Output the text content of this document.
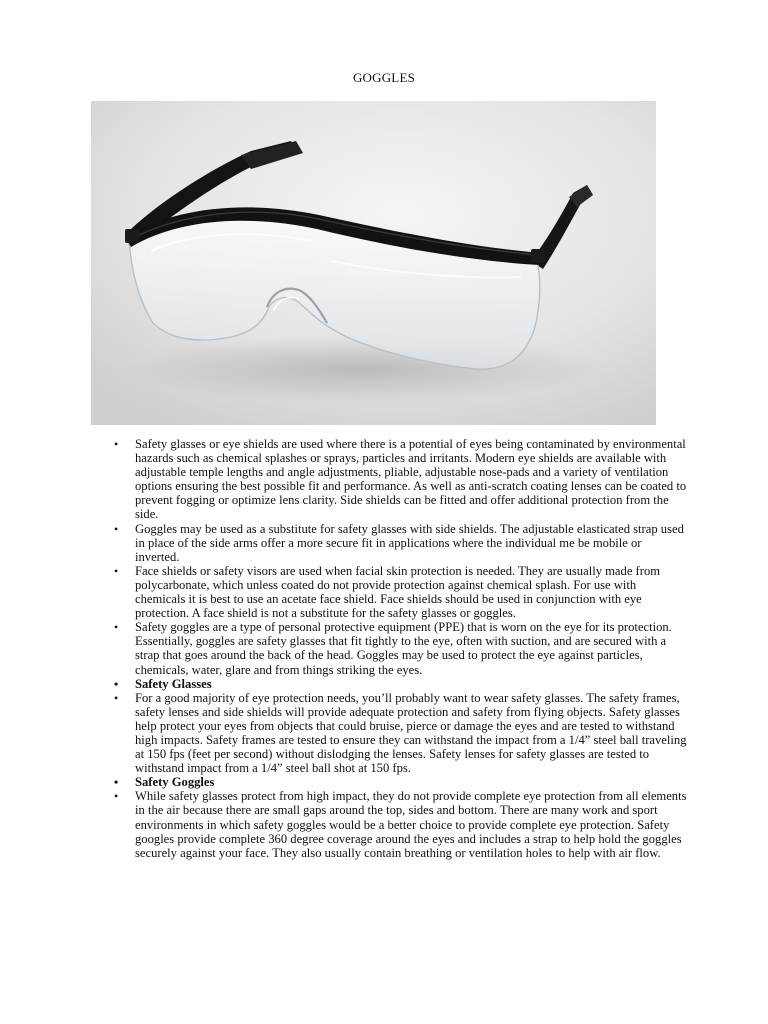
GOGGLES
• Safety glasses or eye shields are used where there is a potential of eyes being contaminated by environmental hazards such as chemical splashes or sprays, particles and irritants. Modern eye shields are available with adjustable temple lengths and angle adjustments, pliable, adjustable nose-pads and a variety of ventilation options ensuring the best possible fit and performance. As well as anti-scratch coating lenses can be coated to prevent fogging or optimize lens clarity. Side shields can be fitted and offer additional protection from the side.
• Goggles may be used as a substitute for safety glasses with side shields. The adjustable elasticated strap used in place of the side arms offer a more secure fit in applications where the individual me be mobile or inverted.
• Face shields or safety visors are used when facial skin protection is needed. They are usually made from polycarbonate, which unless coated do not provide protection against chemical splash. For use with chemicals it is best to use an acetate face shield. Face shields should be used in conjunction with eye protection. A face shield is not a substitute for the safety glasses or goggles.
• Safety goggles are a type of personal protective equipment (PPE) that is worn on the eye for its protection. Essentially, goggles are safety glasses that fit tightly to the eye, often with suction, and are secured with a strap that goes around the back of the head. Goggles may be used to protect the eye against particles, chemicals, water, glare and from things striking the eyes.
• Safety Glasses
• For a good majority of eye protection needs, you’ll probably want to wear safety glasses. The safety frames, safety lenses and side shields will provide adequate protection and safety from flying objects. Safety glasses help protect your eyes from objects that could bruise, pierce or damage the eyes and are tested to withstand high impacts. Safety frames are tested to ensure they can withstand the impact from a 1/4” steel ball traveling at 150 fps (feet per second) without dislodging the lenses. Safety lenses for safety glasses are tested to withstand impact from a 1/4” steel ball shot at 150 fps.
• Safety Goggles
• While safety glasses protect from high impact, they do not provide complete eye protection from all elements in the air because there are small gaps around the top, sides and bottom. There are many work and sport environments in which safety goggles would be a better choice to provide complete eye protection. Safety googles provide complete 360 degree coverage around the eyes and includes a strap to help hold the goggles securely against your face. They also usually contain breathing or ventilation holes to help with air flow.
